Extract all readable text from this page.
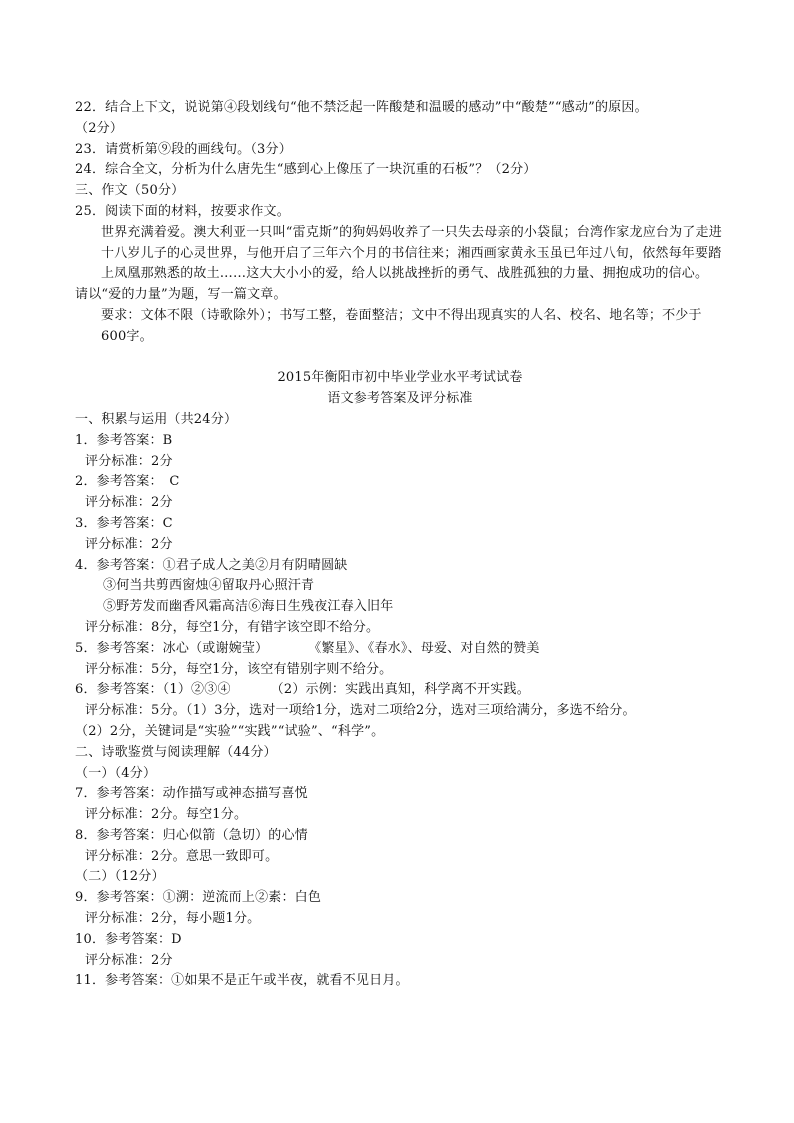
22．结合上下文，说说第④段划线句“他不禁泛起一阵酸楚和温暖的感动”中“酸楚”“感动”的原因。
（2分）
23．请赏析第⑨段的画线句。（3分）
24．综合全文，分析为什么唐先生“感到心上像压了一块沉重的石板”？（2分）
三、作文（50分）
25．阅读下面的材料，按要求作文。
世界充满着爱。澳大利亚一只叫“雷克斯”的狗妈妈收养了一只失去母亲的小袋鼠；台湾作家龙应台为了走进十八岁儿子的心灵世界，与他开启了三年六个月的书信往来；湘西画家黄永玉虽已年过八旬，依然每年要踏上凤凰那熟悉的故土……这大大小小的爱，给人以挑战挫折的勇气、战胜孤独的力量、拥抱成功的信心。
请以“爱的力量”为题，写一篇文章。
要求：文体不限（诗歌除外）；书写工整，卷面整洁；文中不得出现真实的人名、校名、地名等；不少于600字。
2015年衡阳市初中毕业学业水平考试试卷
语文参考答案及评分标准
一、积累与运用（共24分）
1．参考答案：B
评分标准：2分
2．参考答案：　C
评分标准：2分
3．参考答案：C
评分标准：2分
4．参考答案：①君子成人之美②月有阴晴圆缺
③何当共剪西窗烛④留取丹心照汗青
⑤野芳发而幽香风霜高洁⑥海日生残夜江春入旧年
评分标准：8分，每空1分，有错字该空即不给分。
5．参考答案：冰心（或谢婉莹）	《繁星》、《春水》、母爱、对自然的赞美
评分标准：5分，每空1分，该空有错别字则不给分。
6．参考答案：（1）②③④	（2）示例：实践出真知，科学离不开实践。
评分标准：5分。（1）3分，选对一项给1分，选对二项给2分，选对三项给满分，多选不给分。
（2）2分，关键词是“实验”“实践”“试验”、“科学”。
二、诗歌鉴赏与阅读理解（44分）
（一）（4分）
7．参考答案：动作描写或神态描写喜悦
评分标准：2分。每空1分。
8．参考答案：归心似箭（急切）的心情
评分标准：2分。意思一致即可。
（二）（12分）
9．参考答案：①溯：逆流而上②素：白色
评分标准：2分，每小题1分。
10．参考答案：D
评分标准：2分
11．参考答案：①如果不是正午或半夜，就看不见日月。
